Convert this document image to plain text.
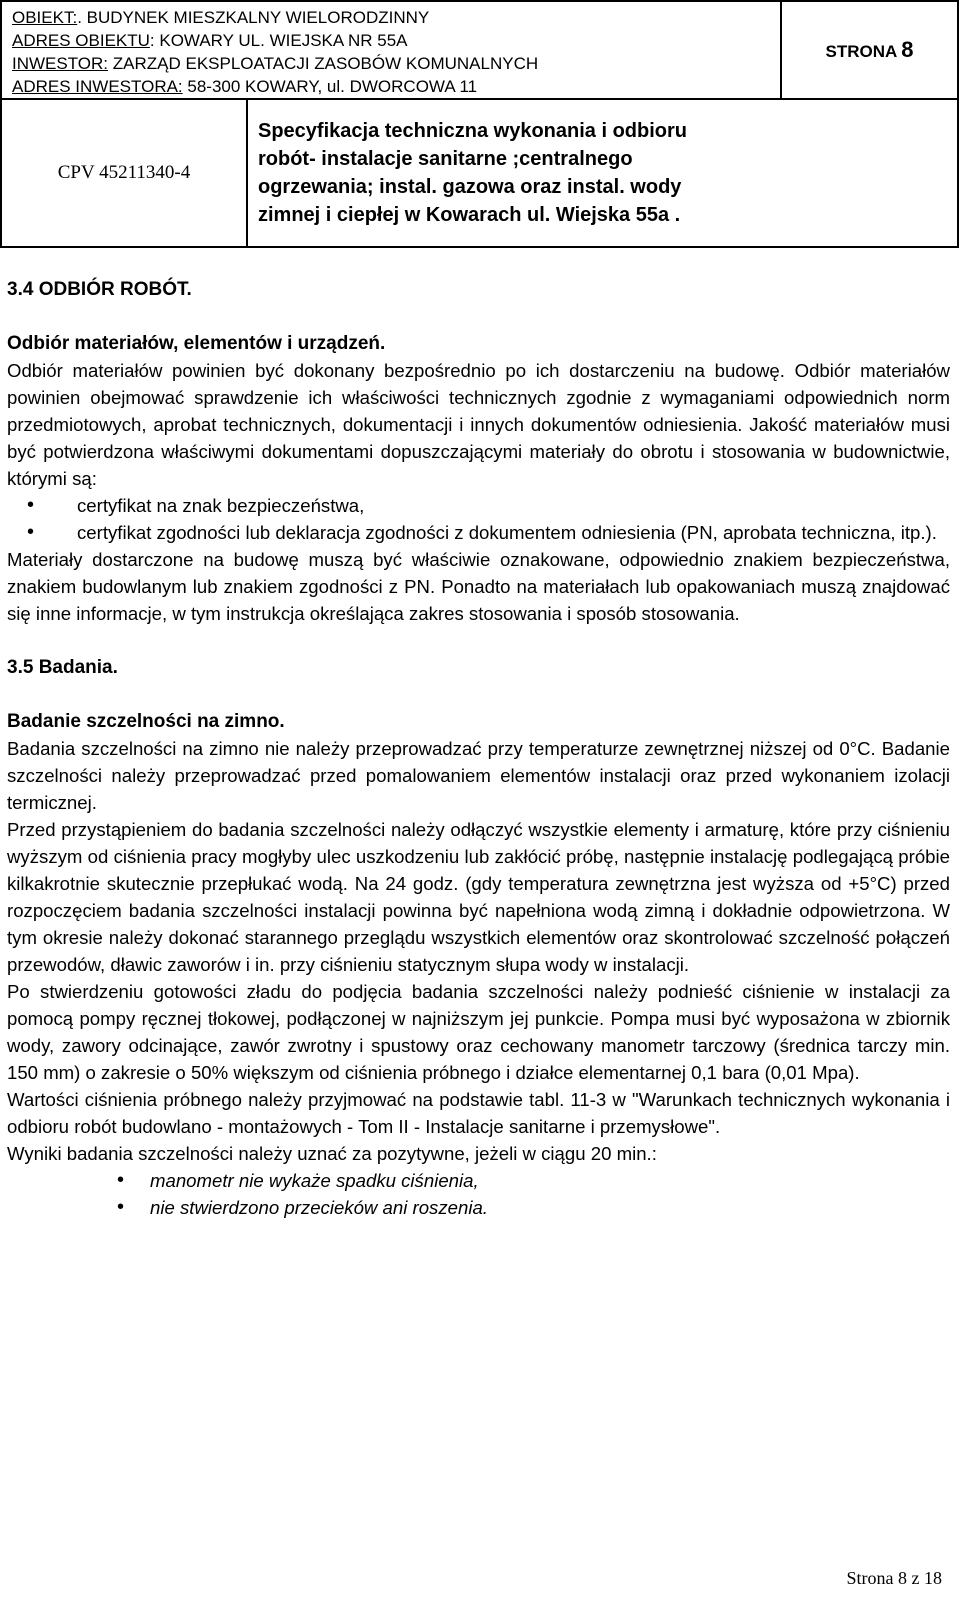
OBIEKT:. BUDYNEK MIESZKALNY WIELORODZINNY
ADRES OBIEKTU: KOWARY UL. WIEJSKA NR 55A
INWESTOR: ZARZĄD EKSPLOATACJI ZASOBÓW KOMUNALNYCH
ADRES INWESTORA: 58-300 KOWARY, ul. DWORCOWA 11		STRONA 8
CPV 45211340-4	Specyfikacja techniczna wykonania i odbioru
robót- instalacje sanitarne ;centralnego
ogrzewania; instal. gazowa oraz instal. wody
zimnej i ciepłej w Kowarach ul. Wiejska 55a .	

3.4 ODBIÓR ROBÓT.

Odbiór materiałów, elementów i urządzeń.

Odbiór materiałów powinien być dokonany bezpośrednio po ich dostarczeniu na budowę. Odbiór materiałów powinien obejmować sprawdzenie ich właściwości technicznych zgodnie z wymaganiami odpowiednich norm przedmiotowych, aprobat technicznych, dokumentacji i innych dokumentów odniesienia. Jakość materiałów musi być potwierdzona właściwymi dokumentami dopuszczającymi materiały do obrotu i stosowania w budownictwie, którymi są:

• certyfikat na znak bezpieczeństwa,
• certyfikat zgodności lub deklaracja zgodności z dokumentem odniesienia (PN, aprobata techniczna, itp.).

Materiały dostarczone na budowę muszą być właściwie oznakowane, odpowiednio znakiem bezpieczeństwa, znakiem budowlanym lub znakiem zgodności z PN. Ponadto na materiałach lub opakowaniach muszą znajdować się inne informacje, w tym instrukcja określająca zakres stosowania i sposób stosowania.

3.5 Badania.

Badanie szczelności na zimno.

Badania szczelności na zimno nie należy przeprowadzać przy temperaturze zewnętrznej niższej od 0°C. Badanie szczelności należy przeprowadzać przed pomalowaniem elementów instalacji oraz przed wykonaniem izolacji termicznej.

Przed przystąpieniem do badania szczelności należy odłączyć wszystkie elementy i armaturę, które przy ciśnieniu wyższym od ciśnienia pracy mogłyby ulec uszkodzeniu lub zakłócić próbę, następnie instalację podlegającą próbie kilkakrotnie skutecznie przepłukać wodą. Na 24 godz. (gdy temperatura zewnętrzna jest wyższa od +5°C) przed rozpoczęciem badania szczelności instalacji powinna być napełniona wodą zimną i dokładnie odpowietrzona. W tym okresie należy dokonać starannego przeglądu wszystkich elementów oraz skontrolować szczelność połączeń przewodów, dławic zaworów i in. przy ciśnieniu statycznym słupa wody w instalacji.

Po stwierdzeniu gotowości zładu do podjęcia badania szczelności należy podnieść ciśnienie w instalacji za pomocą pompy ręcznej tłokowej, podłączonej w najniższym jej punkcie. Pompa musi być wyposażona w zbiornik wody, zawory odcinające, zawór zwrotny i spustowy oraz cechowany manometr tarczowy (średnica tarczy min. 150 mm) o zakresie o 50% większym od ciśnienia próbnego i działce elementarnej 0,1 bara (0,01 Mpa).

Wartości ciśnienia próbnego należy przyjmować na podstawie tabl. 11-3 w "Warunkach technicznych wykonania i odbioru robót budowlano - montażowych - Tom II - Instalacje sanitarne i przemysłowe".

Wyniki badania szczelności należy uznać za pozytywne, jeżeli w ciągu 20 min.:

• manometr nie wykaże spadku ciśnienia,
• nie stwierdzono przecieków ani roszenia.
Strona 8 z 18
